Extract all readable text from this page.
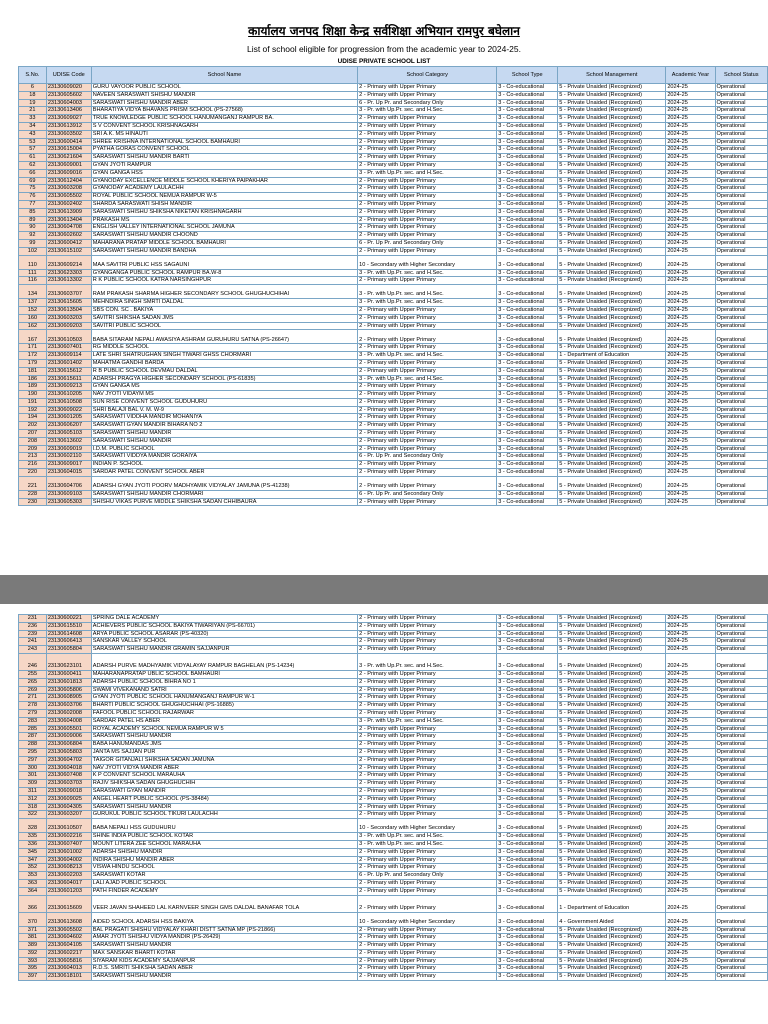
कार्यालय जनपद शिक्षा केन्द्र सर्वशिक्षा अभियान रामपुर बघेलान
List of school eligible for progression from the academic year to 2024-25.
UDISE PRIVATE SCHOOL LIST
S.No.	UDISE Code	School Name	School Category	School Type	School Management	Academic Year	School Status
6	23130609020	GURU VAYOOR PUBLIC SCHOOL	2 - Primary with Upper Primary	3 - Co-educational	5 - Private Unaided (Recognized)	2024-25	Operational
18	23130605602	NAVEEN SARASWATI SHISHU MANDIR	2 - Primary with Upper Primary	3 - Co-educational	5 - Private Unaided (Recognized)	2024-25	Operational
19	23130604003	SARASWATI SHISHU MANDIR ABER	6 - Pr. Up Pr. and Secondary Only	3 - Co-educational	5 - Private Unaided (Recognized)	2024-25	Operational
21	23130613406	BHARATIYA VIDYA BHAVANS PRISM SCHOOL (PS-27568)	3 - Pr. with Up.Pr. sec. and H.Sec.	3 - Co-educational	5 - Private Unaided (Recognized)	2024-25	Operational
33	23130609027	TRUE KNOWLEDGE PUBLIC SCHOOL HANUMANGANJ RAMPUR BA.	2 - Primary with Upper Primary	3 - Co-educational	5 - Private Unaided (Recognized)	2024-25	Operational
34	23130613912	S V CONVENT SCHOOL KRISHNAGARH	2 - Primary with Upper Primary	3 - Co-educational	5 - Private Unaided (Recognized)	2024-25	Operational
43	23130603502	SRI A.K. MS HINAUTI	2 - Primary with Upper Primary	3 - Co-educational	5 - Private Unaided (Recognized)	2024-25	Operational
53	23130600414	SHREE KRISHNA INTERNATIONAL SCHOOL BAMHAURI	2 - Primary with Upper Primary	3 - Co-educational	5 - Private Unaided (Recognized)	2024-25	Operational
57	23130615004	PYATHA GORAS CONVENT SCHOOL	2 - Primary with Upper Primary	3 - Co-educational	5 - Private Unaided (Recognized)	2024-25	Operational
61	23130621604	SARASWATI SHISHU MANDIR BARTI	2 - Primary with Upper Primary	3 - Co-educational	5 - Private Unaided (Recognized)	2024-25	Operational
62	23130609001	GYAN JYOTI RAMPUR	2 - Primary with Upper Primary	3 - Co-educational	5 - Private Unaided (Recognized)	2024-25	Operational
66	23130609016	GYAN GANGA HSS	3 - Pr. with Up.Pr. sec. and H.Sec.	3 - Co-educational	5 - Private Unaided (Recognized)	2024-25	Operational
69	23130612404	GYANODAY EXCELLENCE MIDDLE SCHOOL KHERIYA PAIPAKHAR	2 - Primary with Upper Primary	3 - Co-educational	5 - Private Unaided (Recognized)	2024-25	Operational
75	23130603208	GYANODAY ACADEMY LAULACHH	2 - Primary with Upper Primary	3 - Co-educational	5 - Private Unaided (Recognized)	2024-25	Operational
76	23130605502	ROYAL PUBLIC SCHOOL NEMUA RAMPUR W-5	2 - Primary with Upper Primary	3 - Co-educational	5 - Private Unaided (Recognized)	2024-25	Operational
77	23130602402	SHARDA SARASWATI SHISH MANDIR	2 - Primary with Upper Primary	3 - Co-educational	5 - Private Unaided (Recognized)	2024-25	Operational
85	23130613909	SARASWATI SHISHU SHIKSHA NIKETAN KRISHNAGARH	2 - Primary with Upper Primary	3 - Co-educational	5 - Private Unaided (Recognized)	2024-25	Operational
89	23130613404	PRAKASH MS	2 - Primary with Upper Primary	3 - Co-educational	5 - Private Unaided (Recognized)	2024-25	Operational
90	23130604708	ENGLISH VALLEY INTERNATIONAL SCHOOL JAMUNA	2 - Primary with Upper Primary	3 - Co-educational	5 - Private Unaided (Recognized)	2024-25	Operational
92	23130602602	SARASWATI SHISHU MANDIR CHOOND	2 - Primary with Upper Primary	3 - Co-educational	5 - Private Unaided (Recognized)	2024-25	Operational
99	23130600412	MAHARANA PRATAP MIDDLE SCHOOL BAMHAURI	6 - Pr. Up Pr. and Secondary Only	3 - Co-educational	5 - Private Unaided (Recognized)	2024-25	Operational
102	23130615102	SARASWATI SHISHU MANDIR BANDHA	2 - Primary with Upper Primary	3 - Co-educational	5 - Private Unaided (Recognized)	2024-25	Operational
110	23130609214	MAA SAVITRI PUBLIC HSS SAGAUNI	10 - Secondary with Higher Secondary	3 - Co-educational	5 - Private Unaided (Recognized)	2024-25	Operational
111	23130623303	GYANGANGA PUBLIC SCHOOL RAMPUR BA.W-8	3 - Pr. with Up.Pr. sec. and H.Sec.	3 - Co-educational	5 - Private Unaided (Recognized)	2024-25	Operational
116	23130613302	R K PUBLIC SCHOOL KATRA NARSINGHPUR	2 - Primary with Upper Primary	3 - Co-educational	5 - Private Unaided (Recognized)	2024-25	Operational
134	23130603707	RAM PRAKASH SHARMA HIGHER SECONDARY SCHOOL GHUGHUCHIHAI	3 - Pr. with Up.Pr. sec. and H.Sec.	3 - Co-educational	5 - Private Unaided (Recognized)	2024-25	Operational
137	23130615605	MEHNDIRA SINGH SMRTI DALDAL	3 - Pr. with Up.Pr. sec. and H.Sec.	3 - Co-educational	5 - Private Unaided (Recognized)	2024-25	Operational
152	23130613504	SBS CON. SC . BAKIYA	2 - Primary with Upper Primary	3 - Co-educational	5 - Private Unaided (Recognized)	2024-25	Operational
160	23130603203	SAVITRI SHIKSHA SADAN JMS	2 - Primary with Upper Primary	3 - Co-educational	5 - Private Unaided (Recognized)	2024-25	Operational
162	23130609203	SAVITRI PUBLIC SCHOOL	2 - Primary with Upper Primary	3 - Co-educational	5 - Private Unaided (Recognized)	2024-25	Operational
167	23130610503	BABA SITARAM NEPALI AWASIYA ASHRAM GURUHURU SATNA (PS-26647)	2 - Primary with Upper Primary	3 - Co-educational	5 - Private Unaided (Recognized)	2024-25	Operational
171	23130607401	RG MIDDLE SCHOOL	2 - Primary with Upper Primary	3 - Co-educational	5 - Private Unaided (Recognized)	2024-25	Operational
172	23130609114	LATE SHRI SHATRUGHAN SINGH TIWARI GHSS CHORMARI	3 - Pr. with Up.Pr. sec. and H.Sec.	3 - Co-educational	1 - Department of Education	2024-25	Operational
179	23130601402	MAHATMA GANDHI BARDA	2 - Primary with Upper Primary	3 - Co-educational	5 - Private Unaided (Recognized)	2024-25	Operational
181	23130615612	R B PUBLIC SCHOOL DEVMAU DALDAL	2 - Primary with Upper Primary	3 - Co-educational	5 - Private Unaided (Recognized)	2024-25	Operational
186	23130615611	ADARSH PRAGYA HIGHER SECONDARY SCHOOL (PS-61835)	3 - Pr. with Up.Pr. sec. and H.Sec.	3 - Co-educational	5 - Private Unaided (Recognized)	2024-25	Operational
189	23130609213	GYAN GANGA MS	2 - Primary with Upper Primary	3 - Co-educational	5 - Private Unaided (Recognized)	2024-25	Operational
190	23130610205	NAV JYOTI VIDAYM MS	2 - Primary with Upper Primary	3 - Co-educational	5 - Private Unaided (Recognized)	2024-25	Operational
191	23130610508	SUN RISE CONVENT SCHOOL GUDUHURU	2 - Primary with Upper Primary	3 - Co-educational	5 - Private Unaided (Recognized)	2024-25	Operational
192	23130609022	SHRI BALAJI BAL V. M. W-9	2 - Primary with Upper Primary	3 - Co-educational	5 - Private Unaided (Recognized)	2024-25	Operational
194	23130601205	SARASWATI VIDDHA MANDIR MOHANIYA	2 - Primary with Upper Primary	3 - Co-educational	5 - Private Unaided (Recognized)	2024-25	Operational
202	23130606207	SARASWATI GYAN MANDIR BIHARA NO 2	2 - Primary with Upper Primary	3 - Co-educational	5 - Private Unaided (Recognized)	2024-25	Operational
207	23130605103	SARASWATI SHISHU MANDIR	2 - Primary with Upper Primary	3 - Co-educational	5 - Private Unaided (Recognized)	2024-25	Operational
208	23130613602	SARASWATI SHISHU MANDIR	2 - Primary with Upper Primary	3 - Co-educational	5 - Private Unaided (Recognized)	2024-25	Operational
209	23130609019	I.D.M. PUBLIC SCHOOL	2 - Primary with Upper Primary	3 - Co-educational	5 - Private Unaided (Recognized)	2024-25	Operational
213	23130602110	SARASWATI VIDDYA MANDIR GORAIYA	6 - Pr. Up Pr. and Secondary Only	3 - Co-educational	5 - Private Unaided (Recognized)	2024-25	Operational
216	23130609017	INDIAN P. SCHOOL	2 - Primary with Upper Primary	3 - Co-educational	5 - Private Unaided (Recognized)	2024-25	Operational
220	23130604015	SARDAR PATEL CONVENT SCHOOL ABER	2 - Primary with Upper Primary	3 - Co-educational	5 - Private Unaided (Recognized)	2024-25	Operational
221	23130604706	ADARSH GYAN JYOTI POORV MADHYAMIK VIDYALAY JAMUNA (PS-41238)	2 - Primary with Upper Primary	3 - Co-educational	5 - Private Unaided (Recognized)	2024-25	Operational
228	23130609103	SARASWATI SHISHU MANDIR CHORMARI	6 - Pr. Up Pr. and Secondary Only	3 - Co-educational	5 - Private Unaided (Recognized)	2024-25	Operational
230	23130605303	SHISHU VIKAS PURVE MIDDLE SHIKSHA SADAN CHHIBAURA	2 - Primary with Upper Primary	3 - Co-educational	5 - Private Unaided (Recognized)	2024-25	Operational
231	23130600221	SPRING DALE ACADEMY	2 - Primary with Upper Primary	3 - Co-educational	5 - Private Unaided (Recognized)	2024-25	Operational
236	23130615510	ACHIEVERS PUBLIC SCHOOL BAKIYA TIWARIYAN (PS-66701)	2 - Primary with Upper Primary	3 - Co-educational	5 - Private Unaided (Recognized)	2024-25	Operational
239	23130614608	ARYA PUBLIC SCHOOL ASARAR (PS-40320)	2 - Primary with Upper Primary	3 - Co-educational	5 - Private Unaided (Recognized)	2024-25	Operational
241	23130606413	SANSKAR VALLEY SCHOOL	2 - Primary with Upper Primary	3 - Co-educational	5 - Private Unaided (Recognized)	2024-25	Operational
243	23130605804	SARASWATI SHISHU MANDIR GRAMIN SAJJANPUR	2 - Primary with Upper Primary	3 - Co-educational	5 - Private Unaided (Recognized)	2024-25	Operational
246	23130623101	ADARSH PURVE MADHYAMIK VIDYALAYAY RAMPUR BAGHELAN (PS-14234)	3 - Pr. with Up.Pr. sec. and H.Sec.	3 - Co-educational	5 - Private Unaided (Recognized)	2024-25	Operational
255	23130600411	MAHARANAPRATAP UBLIC SCHOOL BAMHAURI	2 - Primary with Upper Primary	3 - Co-educational	5 - Private Unaided (Recognized)	2024-25	Operational
265	23130601813	ADARSH PUBLIC SCHOOL BIHRA NO 1	2 - Primary with Upper Primary	3 - Co-educational	5 - Private Unaided (Recognized)	2024-25	Operational
269	23130605806	SWAMI VIVEKANAND SATRI	2 - Primary with Upper Primary	3 - Co-educational	5 - Private Unaided (Recognized)	2024-25	Operational
271	23130608905	GYAN JYOTI PUBLIC SCHOOL HANUMANGANJ RAMPUR W-1	2 - Primary with Upper Primary	3 - Co-educational	5 - Private Unaided (Recognized)	2024-25	Operational
278	23130603706	BHARTI PUBLIC SCHOOL GHUGHUCHHAI (PS-16885)	2 - Primary with Upper Primary	3 - Co-educational	5 - Private Unaided (Recognized)	2024-25	Operational
279	23130602008	FAFOOL PUBLIC SCHOOL RAJARWAR	2 - Primary with Upper Primary	3 - Co-educational	5 - Private Unaided (Recognized)	2024-25	Operational
283	23130604008	SARDAR PATEL HS ABER	3 - Pr. with Up.Pr. sec. and H.Sec.	3 - Co-educational	5 - Private Unaided (Recognized)	2024-25	Operational
285	23130605501	ROYAL ACADEMY SCHOOL NEMUA RAMPUR W 5	2 - Primary with Upper Primary	3 - Co-educational	5 - Private Unaided (Recognized)	2024-25	Operational
287	23130609006	SARASWATI SHISHU MANDIR	2 - Primary with Upper Primary	3 - Co-educational	5 - Private Unaided (Recognized)	2024-25	Operational
288	23130606804	BABA HANUMANDAS JMS	2 - Primary with Upper Primary	3 - Co-educational	5 - Private Unaided (Recognized)	2024-25	Operational
295	23130605803	JANTA MS SAJJAN PUR	2 - Primary with Upper Primary	3 - Co-educational	5 - Private Unaided (Recognized)	2024-25	Operational
297	23130604702	TAIGOR GITANJALI SHIKSHA SADAN JAMUNA	2 - Primary with Upper Primary	3 - Co-educational	5 - Private Unaided (Recognized)	2024-25	Operational
300	23130604018	NAV JYOTI VIDYA MANDIR ABER	2 - Primary with Upper Primary	3 - Co-educational	5 - Private Unaided (Recognized)	2024-25	Operational
301	23130607408	K P CONVENT SCHOOL MARAUHA	2 - Primary with Upper Primary	3 - Co-educational	5 - Private Unaided (Recognized)	2024-25	Operational
309	23130603703	RAJIV SHIKSHA SADAN GHUGHUCHIH	2 - Primary with Upper Primary	3 - Co-educational	5 - Private Unaided (Recognized)	2024-25	Operational
311	23130609018	SARASWATI GYAN MANDIR	2 - Primary with Upper Primary	3 - Co-educational	5 - Private Unaided (Recognized)	2024-25	Operational
312	23130609025	ANGEL HEART PUBLIC SCHOOL (PS-38484)	2 - Primary with Upper Primary	3 - Co-educational	5 - Private Unaided (Recognized)	2024-25	Operational
318	23130604305	SARASWATI SHISHU MANDIR	2 - Primary with Upper Primary	3 - Co-educational	5 - Private Unaided (Recognized)	2024-25	Operational
322	23130603207	GURUKUL PUBLIC SCHOOL TIKURI LAULACHH	2 - Primary with Upper Primary	3 - Co-educational	5 - Private Unaided (Recognized)	2024-25	Operational
328	23130610507	BABA NEPALI HSS GUDUHURU	10 - Secondary with Higher Secondary	3 - Co-educational	5 - Private Unaided (Recognized)	2024-25	Operational
335	23130602216	SHINE INDIA PUBLIC SCHOOL KOTAR	3 - Pr. with Up.Pr. sec. and H.Sec.	3 - Co-educational	5 - Private Unaided (Recognized)	2024-25	Operational
336	23130607407	MOUNT LITERA ZEE SCHOOL MARAUHA	3 - Pr. with Up.Pr. sec. and H.Sec.	3 - Co-educational	5 - Private Unaided (Recognized)	2024-25	Operational
345	23130601002	ADARSH SHISHU MANDIR	2 - Primary with Upper Primary	3 - Co-educational	5 - Private Unaided (Recognized)	2024-25	Operational
347	23130604002	INDIRA SHISHU MANDIR ABER	2 - Primary with Upper Primary	3 - Co-educational	5 - Private Unaided (Recognized)	2024-25	Operational
352	23130608213	VISWA HINDU SCHOOL	2 - Primary with Upper Primary	3 - Co-educational	5 - Private Unaided (Recognized)	2024-25	Operational
353	23130602203	SARASWATI KOTAR	6 - Pr. Up Pr. and Secondary Only	3 - Co-educational	5 - Private Unaided (Recognized)	2024-25	Operational
363	23130604017	LALI AJAD PUBLIC SCHOOL	2 - Primary with Upper Primary	3 - Co-educational	5 - Private Unaided (Recognized)	2024-25	Operational
364	23130601203	PATH FINDER ACADEMY	2 - Primary with Upper Primary	3 - Co-educational	5 - Private Unaided (Recognized)	2024-25	Operational
366	23130615609	VEER JAVAN SHAHEED LAL KARNVEER SINGH GMS DALDAL BANAFAR TOLA	2 - Primary with Upper Primary	3 - Co-educational	1 - Department of Education	2024-25	Operational
370	23130613608	AIDED SCHOOL ADARSH HSS BAKIYA	10 - Secondary with Higher Secondary	3 - Co-educational	4 - Government Aided	2024-25	Operational
371	23130605502	BAL PRAGATI SHISHU VIDYALAY KHARI DISTT SATNA MP (PS-21866)	2 - Primary with Upper Primary	3 - Co-educational	5 - Private Unaided (Recognized)	2024-25	Operational
381	23130604602	AMAR JYOTI SHISHU VIDYA MANDIR (PS-26429)	2 - Primary with Upper Primary	3 - Co-educational	5 - Private Unaided (Recognized)	2024-25	Operational
389	23130604105	SARASWATI SHISHU MANDIR	2 - Primary with Upper Primary	3 - Co-educational	5 - Private Unaided (Recognized)	2024-25	Operational
392	23130602217	MAX SANSKAR BHARTI KOTAR	2 - Primary with Upper Primary	3 - Co-educational	5 - Private Unaided (Recognized)	2024-25	Operational
393	23130605816	SIYARAM KIDS ACADEMY SAJJANPUR	2 - Primary with Upper Primary	3 - Co-educational	5 - Private Unaided (Recognized)	2024-25	Operational
395	23130604013	R.D.S. SMRITI SHIKSHA SADAN ABER	2 - Primary with Upper Primary	3 - Co-educational	5 - Private Unaided (Recognized)	2024-25	Operational
397	23130618101	SARASWATI SHISHU MANDIR	2 - Primary with Upper Primary	3 - Co-educational	5 - Private Unaided (Recognized)	2024-25	Operational
